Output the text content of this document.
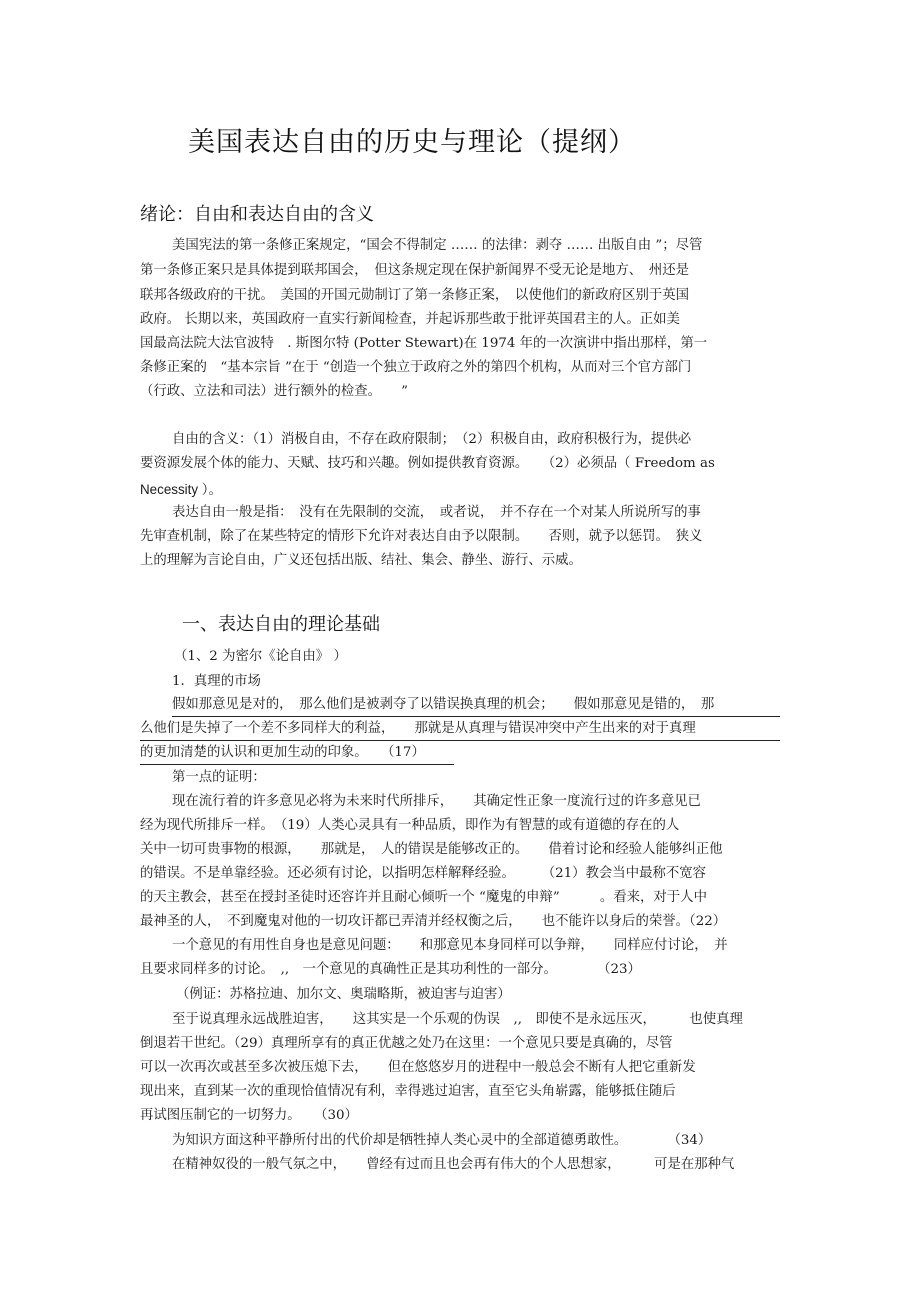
美国表达自由的历史与理论（提纲）
绪论：自由和表达自由的含义
美国宪法的第一条修正案规定，“国会不得制定 …… 的法律：剥夺 …… 出版自由 ”；尽管
第一条修正案只是具体提到联邦国会，　但这条规定现在保护新闻界不受无论是地方、　州还是
联邦各级政府的干扰。　美国的开国元勋制订了第一条修正案，　以使他们的新政府区别于英国
政府。 长期以来，英国政府一直实行新闻检查，并起诉那些敢于批评英国君主的人。正如美
国最高法院大法官波特　. 斯图尔特 (Potter Stewart)在 1974 年的一次演讲中指出那样，第一
条修正案的　“基本宗旨 ”在于 “创造一个独立于政府之外的第四个机构，从而对三个官方部门
（行政、立法和司法）进行额外的检查。　　”
自由的含义：（1）消极自由，不存在政府限制；　（2）积极自由，政府积极行为，提供必
要资源发展个体的能力、天赋、技巧和兴趣。例如提供教育资源。　　（2）必须品（ Freedom as
Necessity ）。
表达自由一般是指：　没有在先限制的交流，　或者说，　并不存在一个对某人所说所写的事
先审查机制，除了在某些特定的情形下允许对表达自由予以限制。　　否则，就予以惩罚。　狭义
上的理解为言论自由，广义还包括出版、结社、集会、静坐、游行、示威。
一、表达自由的理论基础
（1、2 为密尔《论自由》 ）
1．真理的市场
假如那意见是对的，　那么他们是被剥夺了以错误换真理的机会；　　假如那意见是错的，　那
么他们是失掉了一个差不多同样大的利益，　　那就是从真理与错误冲突中产生出来的对于真理
的更加清楚的认识和更加生动的印象。　　（17）
第一点的证明：
现在流行着的许多意见必将为未来时代所排斥，　　其确定性正象一度流行过的许多意见已
经为现代所排斥一样。　（19）人类心灵具有一种品质，即作为有智慧的或有道德的存在的人
关中一切可贵事物的根源，　　那就是，　人的错误是能够改正的。　　借着讨论和经验人能够纠正他
的错误。不是单靠经验。还必须有讨论，以指明怎样解释经验。　　　（21）教会当中最称不宽容
的天主教会，甚至在授封圣徒时还容许并且耐心倾听一个 “魔鬼的申辩”　　　。看来，对于人中
最神圣的人，　不到魔鬼对他的一切攻讦都已弄清并经权衡之后，　　也不能许以身后的荣誉。（22）
一个意见的有用性自身也是意见问题：　　和那意见本身同样可以争辩，　　同样应付讨论，　并
且要求同样多的讨论。　,,　一个意见的真确性正是其功利性的一部分。　　　　（23）
（例证：苏格拉迪、加尔文、奥瑞略斯，被迫害与迫害）
至于说真理永远战胜迫害，　　这其实是一个乐观的伪误　,,　即使不是永远压灭，　　　也使真理
倒退若干世纪。（29）真理所享有的真正优越之处乃在这里：一个意见只要是真确的，尽管
可以一次再次或甚至多次被压熄下去，　　但在悠悠岁月的进程中一般总会不断有人把它重新发
现出来，直到某一次的重现恰值情况有利，幸得逃过迫害，直至它头角崭露，能够抵住随后
再试图压制它的一切努力。　　（30）
为知识方面这种平静所付出的代价却是牺牲掉人类心灵中的全部道德勇敢性。　　　　（34）
在精神奴役的一般气氛之中，　　曾经有过而且也会再有伟大的个人思想家，　　　可是在那种气
